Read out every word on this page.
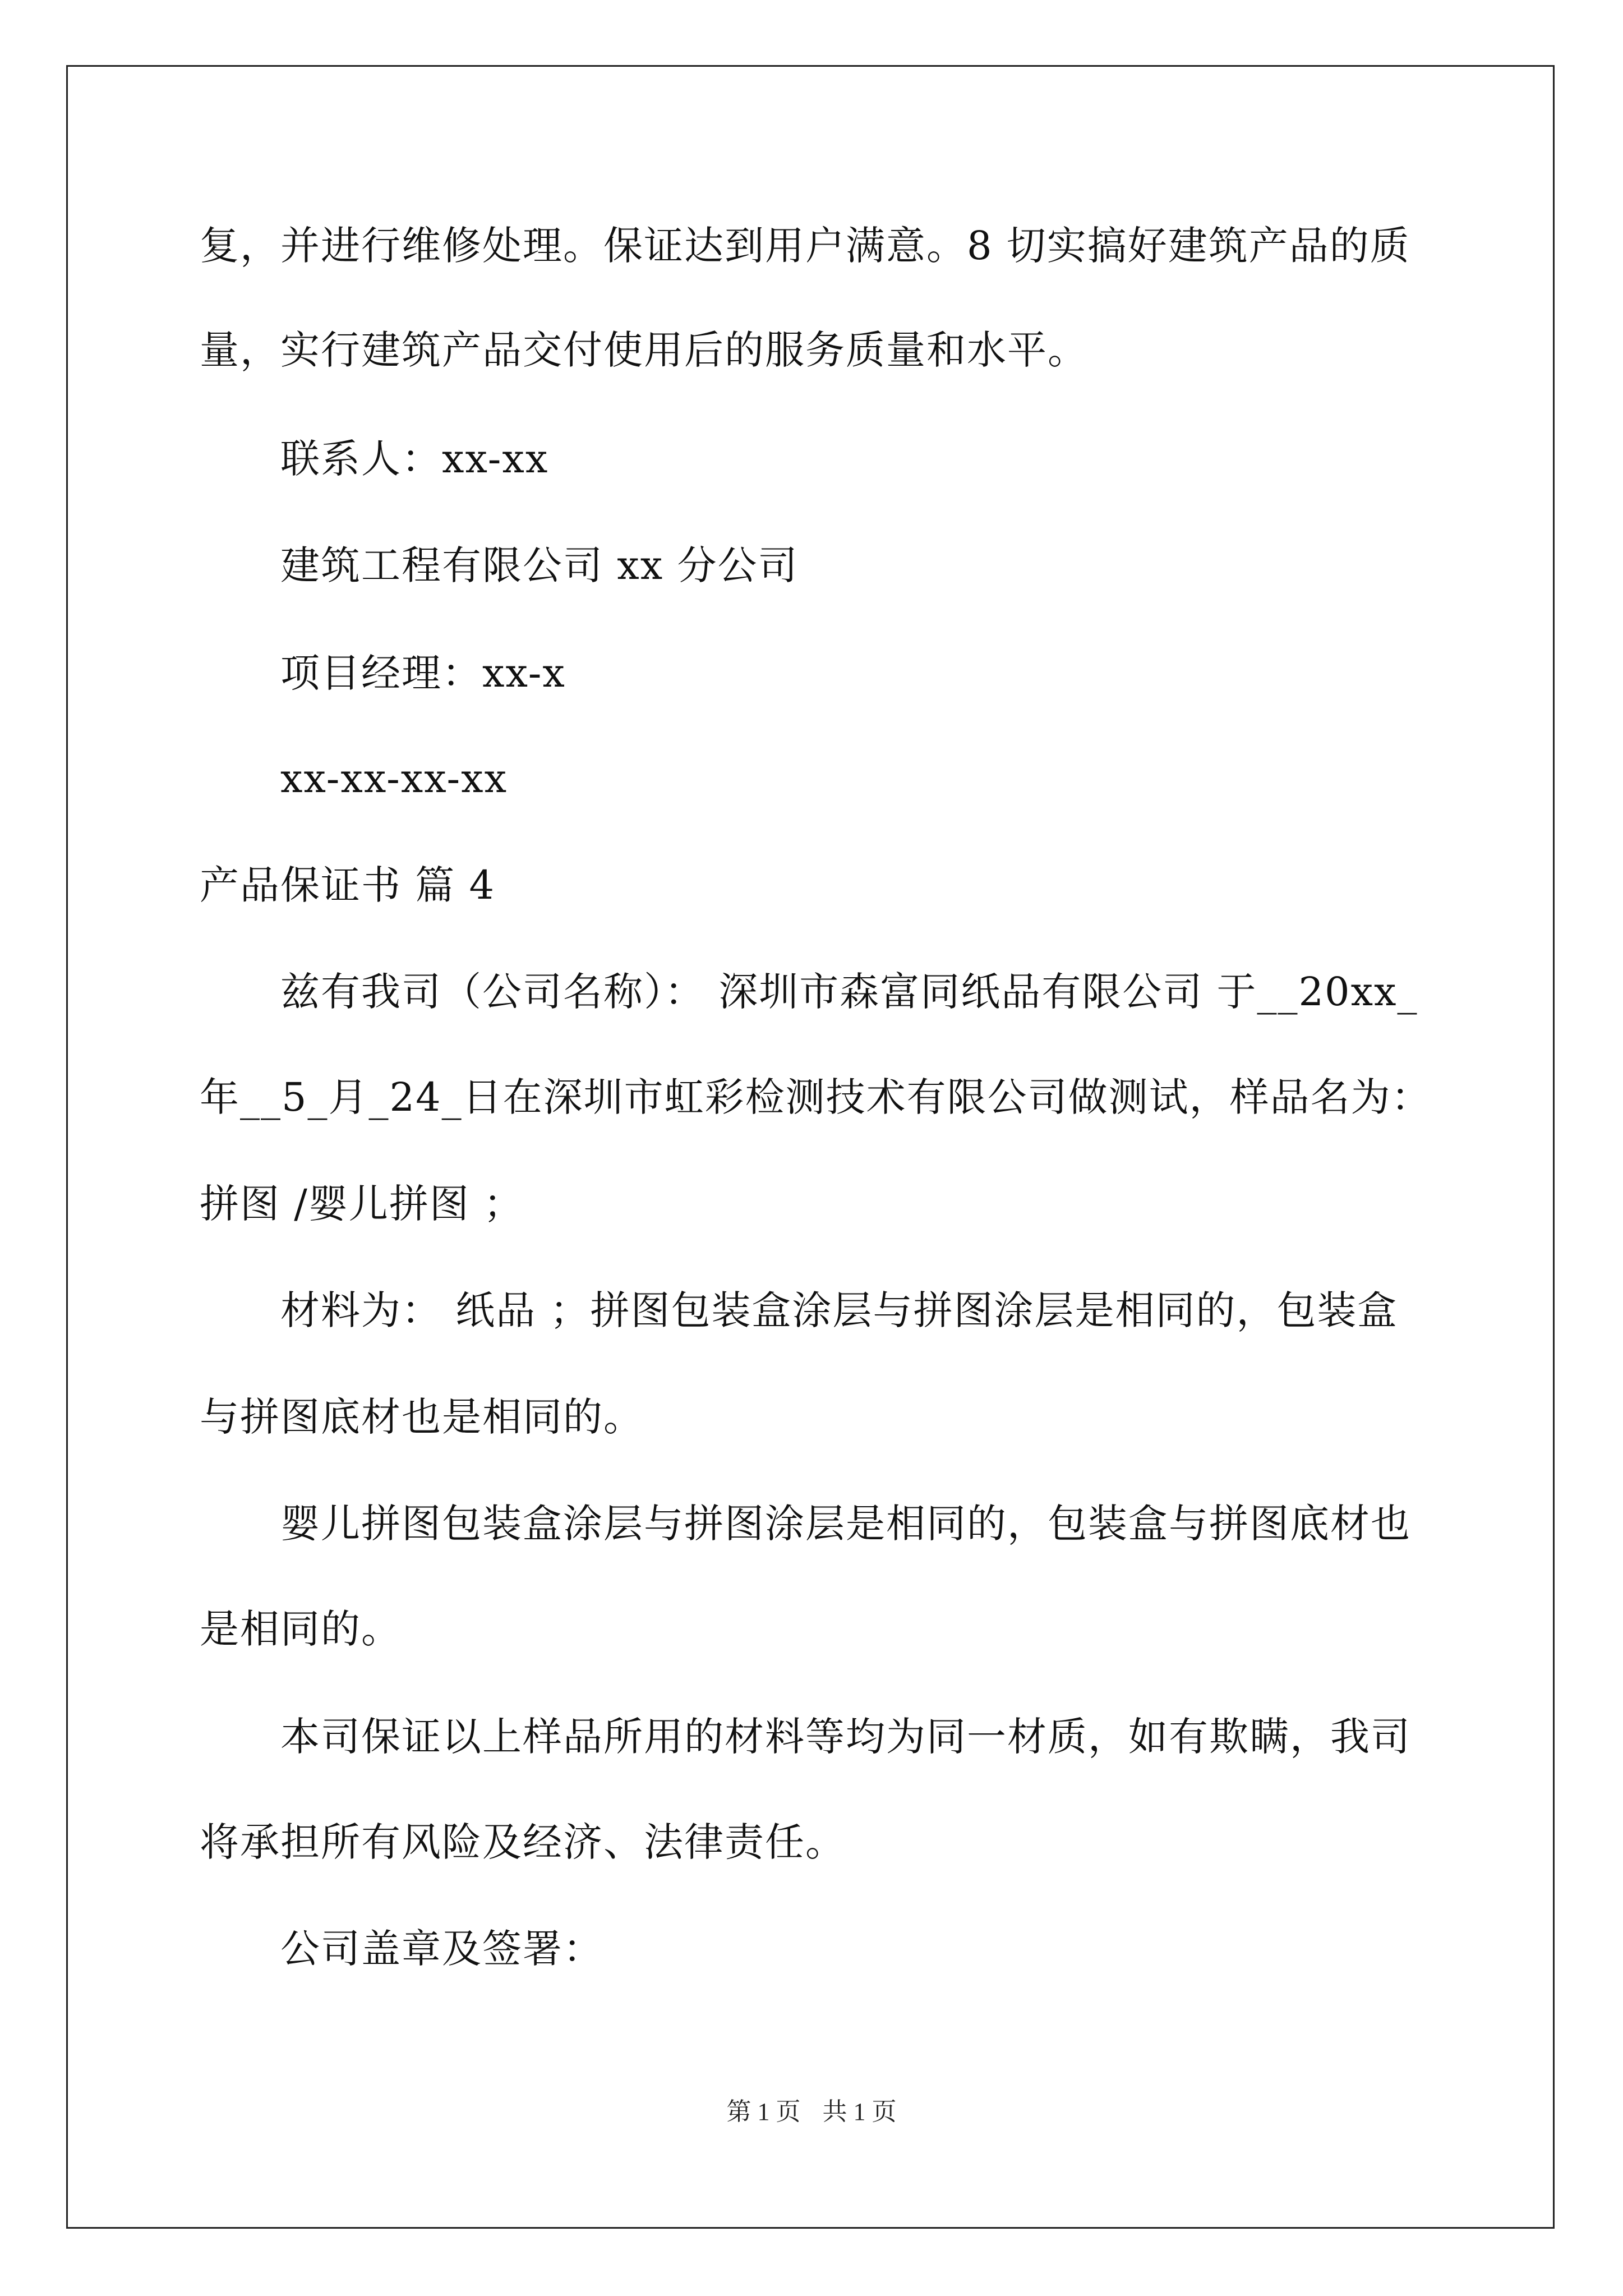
复，并进行维修处理。保证达到用户满意。8 切实搞好建筑产品的质
量，实行建筑产品交付使用后的服务质量和水平。
联系人：xx-xx
建筑工程有限公司 xx 分公司
项目经理：xx-x
xx-xx-xx-xx
产品保证书 篇 4
兹有我司（公司名称）： 深圳市森富同纸品有限公司 于__20xx_
年__5_月_24_日在深圳市虹彩检测技术有限公司做测试，样品名为：
拼图 /婴儿拼图 ；
材料为： 纸品 ；拼图包装盒涂层与拼图涂层是相同的，包装盒
与拼图底材也是相同的。
婴儿拼图包装盒涂层与拼图涂层是相同的，包装盒与拼图底材也
是相同的。
本司保证以上样品所用的材料等均为同一材质，如有欺瞒，我司
将承担所有风险及经济、法律责任。
公司盖章及签署：
第 1 页 共 1 页
